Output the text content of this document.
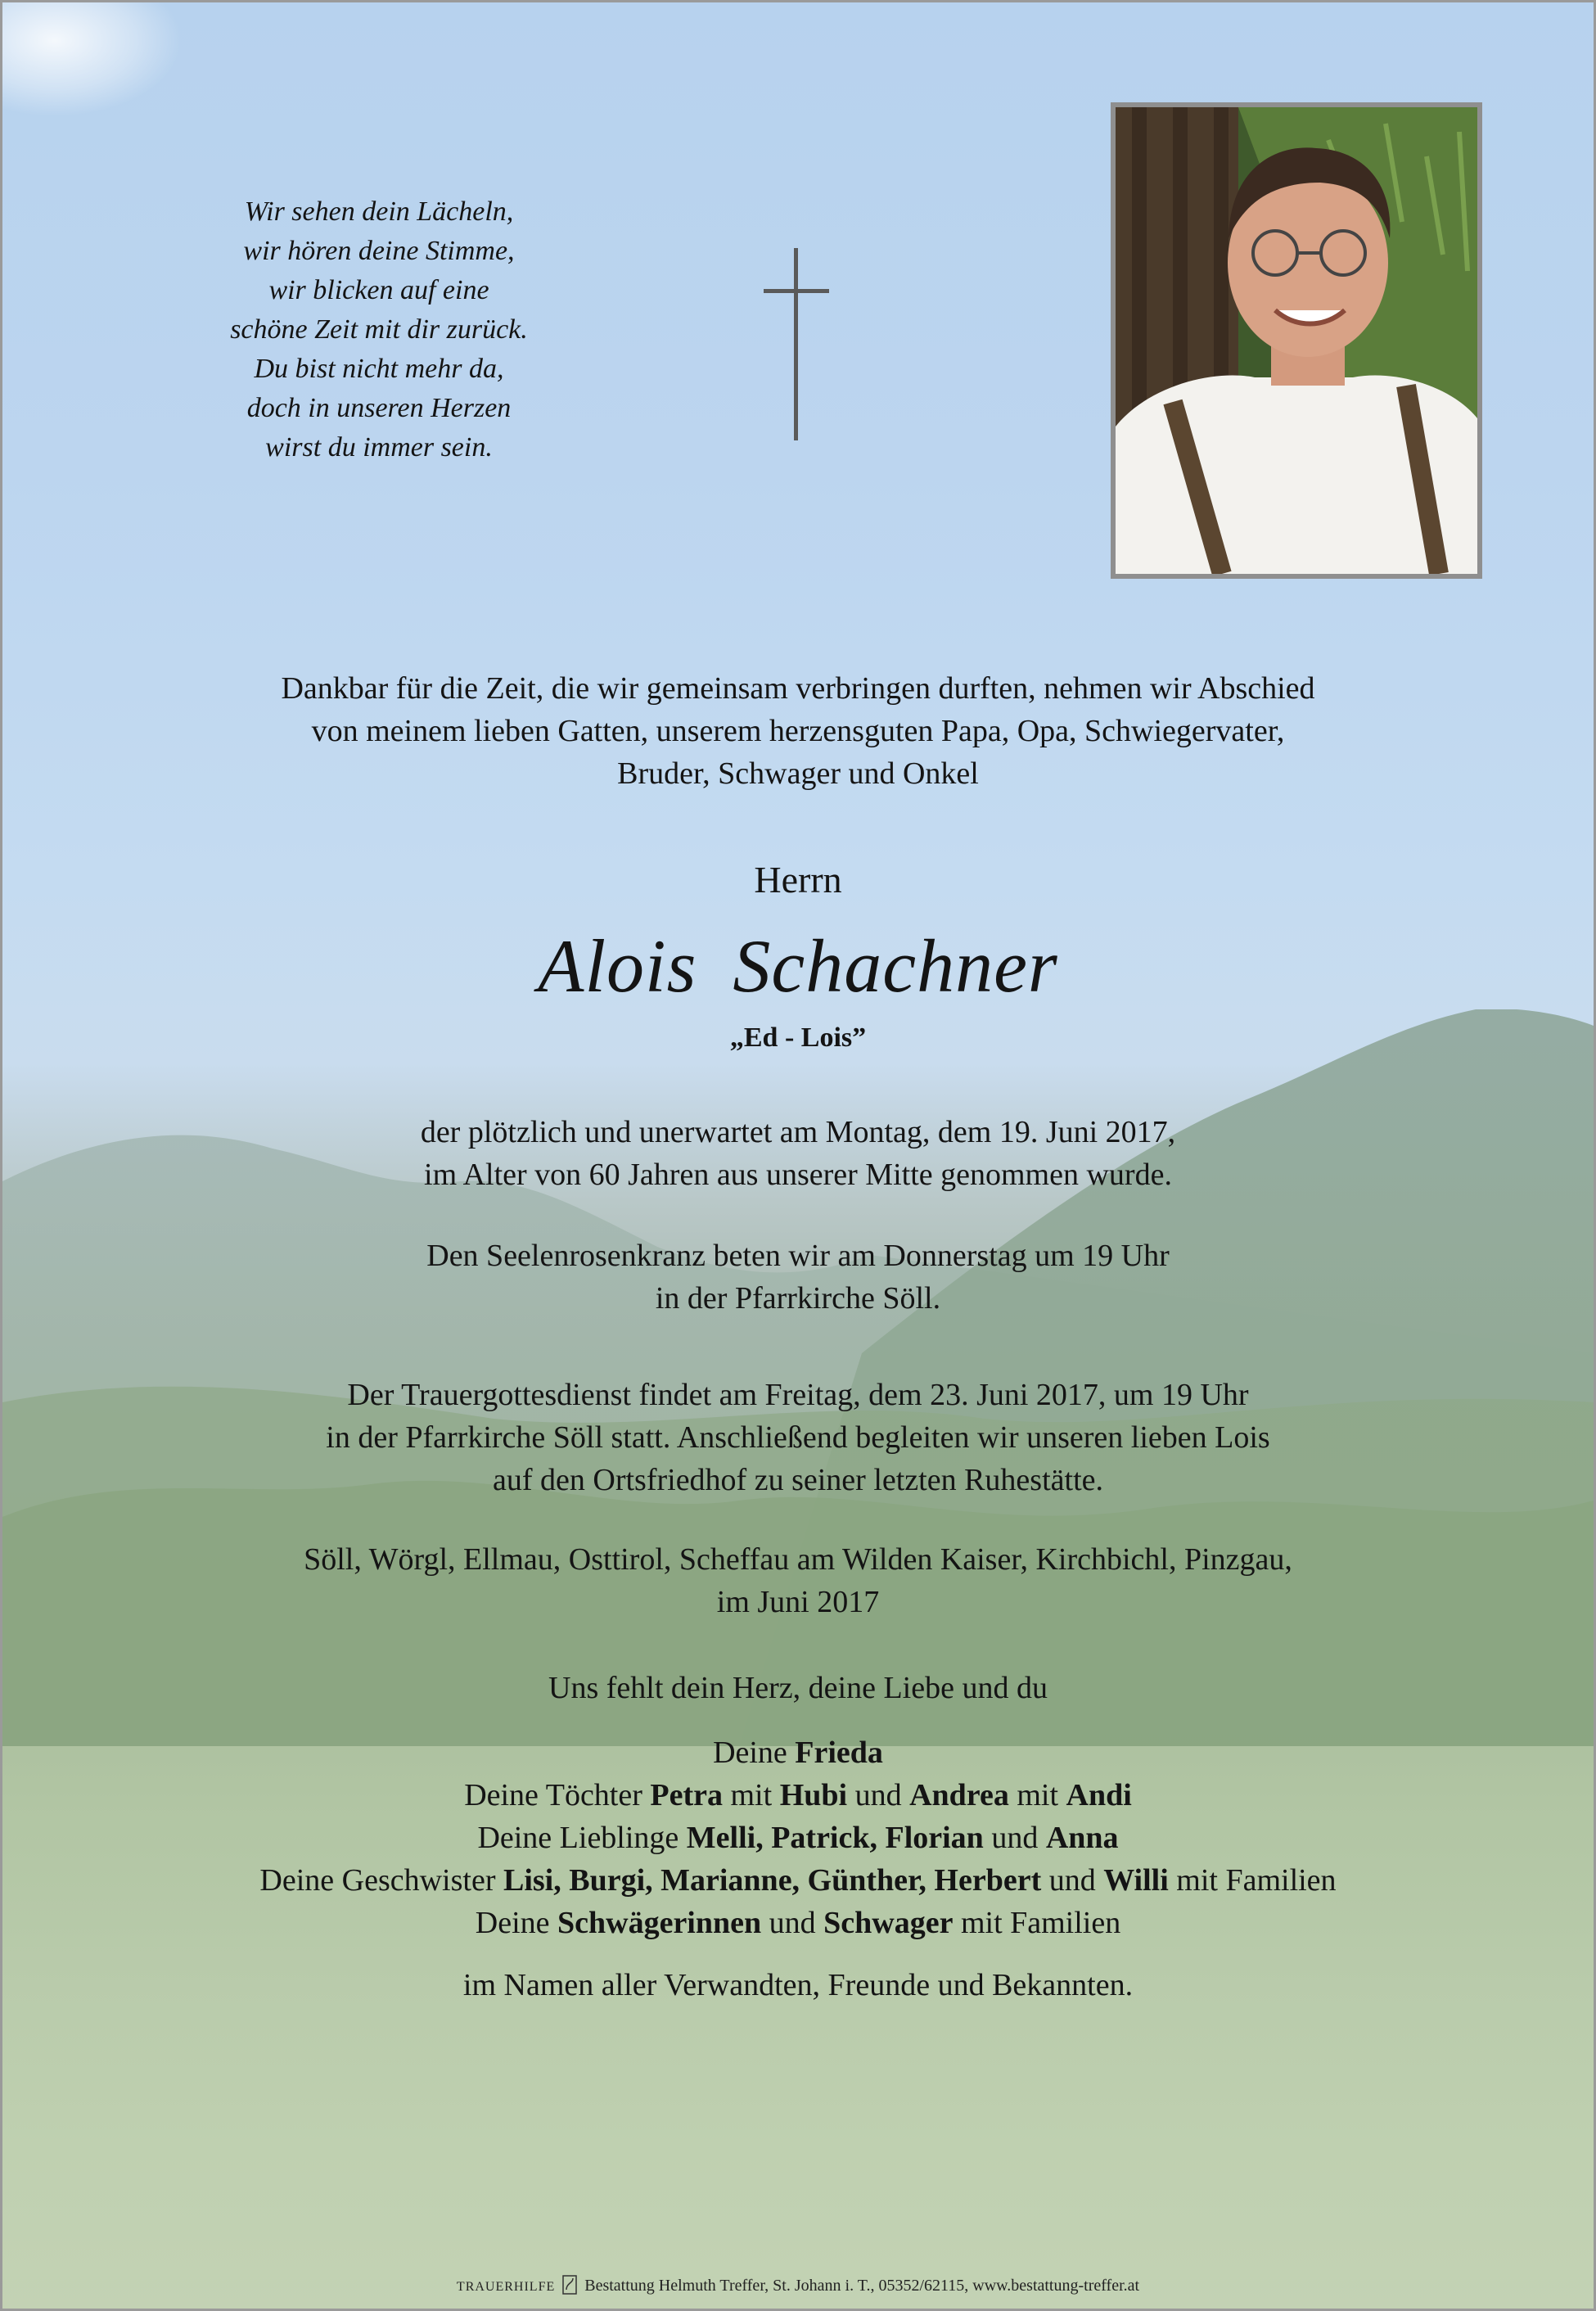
Wir sehen dein Lächeln,
wir hören deine Stimme,
wir blicken auf eine
schöne Zeit mit dir zurück.
Du bist nicht mehr da,
doch in unseren Herzen
wirst du immer sein.
Dankbar für die Zeit, die wir gemeinsam verbringen durften, nehmen wir Abschied
von meinem lieben Gatten, unserem herzensguten Papa, Opa, Schwiegervater,
Bruder, Schwager und Onkel
Herrn
Alois Schachner
„Ed - Lois”
der plötzlich und unerwartet am Montag, dem 19. Juni 2017,
im Alter von 60 Jahren aus unserer Mitte genommen wurde.
Den Seelenrosenkranz beten wir am Donnerstag um 19 Uhr
in der Pfarrkirche Söll.
Der Trauergottesdienst findet am Freitag, dem 23. Juni 2017, um 19 Uhr
in der Pfarrkirche Söll statt. Anschließend begleiten wir unseren lieben Lois
auf den Ortsfriedhof zu seiner letzten Ruhestätte.
Söll, Wörgl, Ellmau, Osttirol, Scheffau am Wilden Kaiser, Kirchbichl, Pinzgau,
im Juni 2017
Uns fehlt dein Herz, deine Liebe und du
Deine Frieda
Deine Töchter Petra mit Hubi und Andrea mit Andi
Deine Lieblinge Melli, Patrick, Florian und Anna
Deine Geschwister Lisi, Burgi, Marianne, Günther, Herbert und Willi mit Familien
Deine Schwägerinnen und Schwager mit Familien
im Namen aller Verwandten, Freunde und Bekannten.
TRAUERHILFE Bestattung Helmuth Treffer, St. Johann i. T., 05352/62115, www.bestattung-treffer.at
